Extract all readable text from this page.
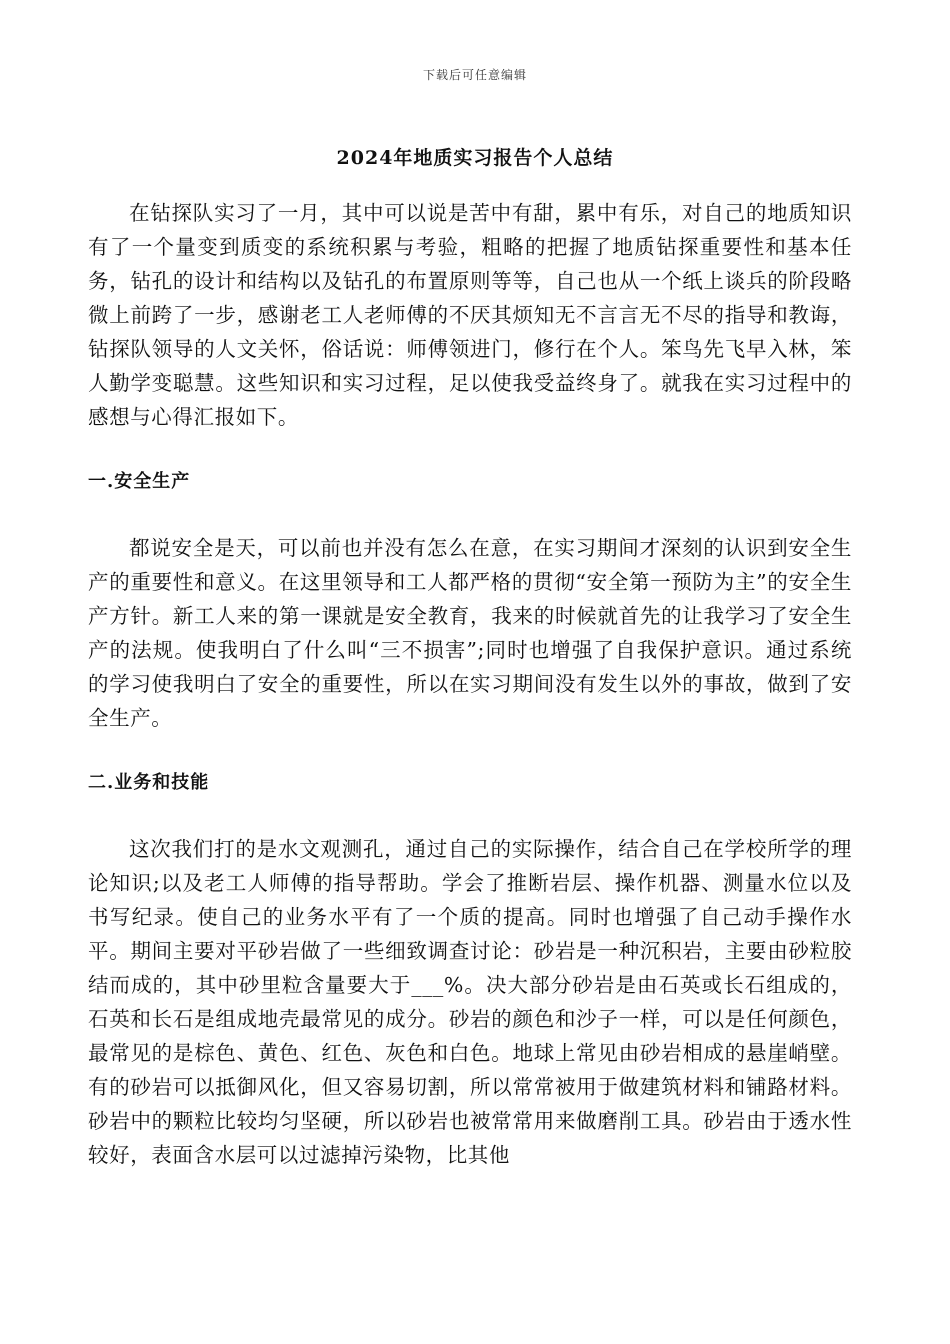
下载后可任意编辑
2024年地质实习报告个人总结

在钻探队实习了一月，其中可以说是苦中有甜，累中有乐，对自己的地质知识有了一个量变到质变的系统积累与考验，粗略的把握了地质钻探重要性和基本任务，钻孔的设计和结构以及钻孔的布置原则等等，自己也从一个纸上谈兵的阶段略微上前跨了一步，感谢老工人老师傅的不厌其烦知无不言言无不尽的指导和教诲，钻探队领导的人文关怀，俗话说：师傅领进门，修行在个人。笨鸟先飞早入林，笨人勤学变聪慧。这些知识和实习过程，足以使我受益终身了。就我在实习过程中的感想与心得汇报如下。

一.安全生产

都说安全是天，可以前也并没有怎么在意，在实习期间才深刻的认识到安全生产的重要性和意义。在这里领导和工人都严格的贯彻“安全第一预防为主”的安全生产方针。新工人来的第一课就是安全教育，我来的时候就首先的让我学习了安全生产的法规。使我明白了什么叫“三不损害”;同时也增强了自我保护意识。通过系统的学习使我明白了安全的重要性，所以在实习期间没有发生以外的事故，做到了安全生产。

二.业务和技能

这次我们打的是水文观测孔，通过自己的实际操作，结合自己在学校所学的理论知识;以及老工人师傅的指导帮助。学会了推断岩层、操作机器、测量水位以及书写纪录。使自己的业务水平有了一个质的提高。同时也增强了自己动手操作水平。期间主要对平砂岩做了一些细致调查讨论：砂岩是一种沉积岩，主要由砂粒胶结而成的，其中砂里粒含量要大于___%。决大部分砂岩是由石英或长石组成的，石英和长石是组成地壳最常见的成分。砂岩的颜色和沙子一样，可以是任何颜色，最常见的是棕色、黄色、红色、灰色和白色。地球上常见由砂岩相成的悬崖峭壁。有的砂岩可以抵御风化，但又容易切割，所以常常被用于做建筑材料和铺路材料。砂岩中的颗粒比较均匀坚硬，所以砂岩也被常常用来做磨削工具。砂岩由于透水性较好，表面含水层可以过滤掉污染物，比其他
